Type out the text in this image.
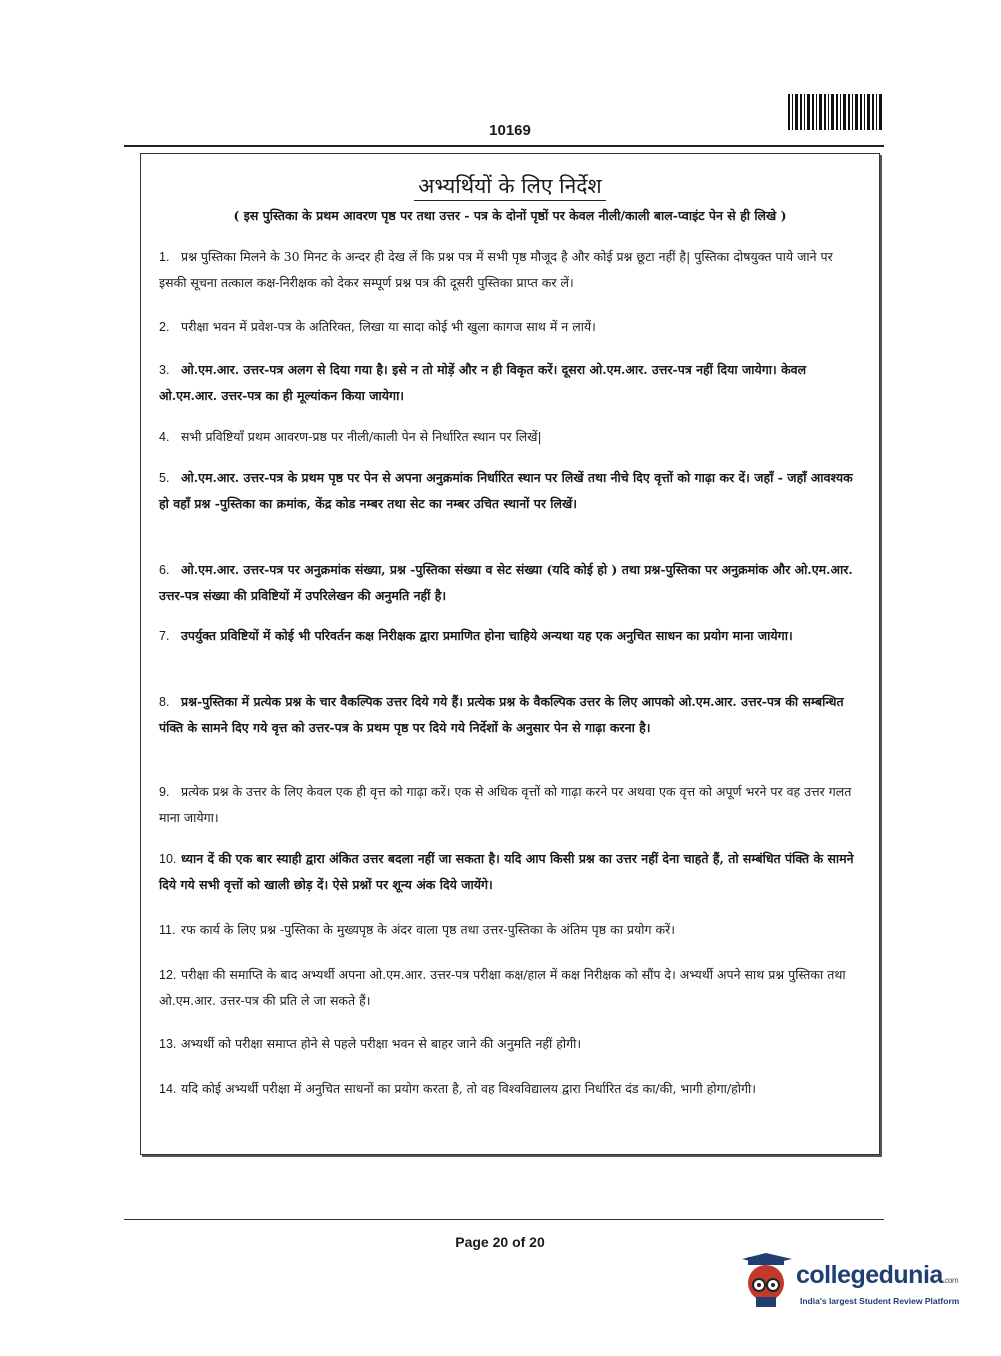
10169
अभ्यर्थियों के लिए निर्देश
( इस पुस्तिका के प्रथम आवरण पृष्ठ पर तथा उत्तर - पत्र के दोनों पृष्ठों पर केवल नीली/काली बाल-प्वाइंट पेन से ही लिखे )
1. प्रश्न पुस्तिका मिलने के 30 मिनट के अन्दर ही देख लें कि प्रश्न पत्र में सभी पृष्ठ मौजूद है और कोई प्रश्न छूटा नहीं है| पुस्तिका दोषयुक्त पाये जाने पर इसकी सूचना तत्काल कक्ष-निरीक्षक को देकर सम्पूर्ण प्रश्न पत्र की दूसरी पुस्तिका प्राप्त कर लें।
2. परीक्षा भवन में प्रवेश-पत्र के अतिरिक्त, लिखा या सादा कोई भी खुला कागज साथ में न लायें।
3. ओ.एम.आर. उत्तर-पत्र अलग से दिया गया है। इसे न तो मोड़ें और न ही विकृत करें। दूसरा ओ.एम.आर. उत्तर-पत्र नहीं दिया जायेगा। केवल ओ.एम.आर. उत्तर-पत्र का ही मूल्यांकन किया जायेगा।
4. सभी प्रविष्टियाँ प्रथम आवरण-प्रष्ठ पर नीली/काली पेन से निर्धारित स्थान पर लिखें|
5. ओ.एम.आर. उत्तर-पत्र के प्रथम पृष्ठ पर पेन से अपना अनुक्रमांक निर्धारित स्थान पर लिखें तथा नीचे दिए वृत्तों को गाढ़ा कर दें। जहाँ - जहाँ आवश्यक हो वहाँ प्रश्न -पुस्तिका का क्रमांक, केंद्र कोड नम्बर तथा सेट का नम्बर उचित स्थानों पर लिखें।
6. ओ.एम.आर. उत्तर-पत्र पर अनुक्रमांक संख्या, प्रश्न -पुस्तिका संख्या व सेट संख्या (यदि कोई हो ) तथा प्रश्न-पुस्तिका पर अनुक्रमांक और ओ.एम.आर. उत्तर-पत्र संख्या की प्रविष्टियों में उपरिलेखन की अनुमति नहीं है।
7. उपर्युक्त प्रविष्टियों में कोई भी परिवर्तन कक्ष निरीक्षक द्वारा प्रमाणित होना चाहिये अन्यथा यह एक अनुचित साधन का प्रयोग माना जायेगा।
8. प्रश्न-पुस्तिका में प्रत्येक प्रश्न के चार वैकल्पिक उत्तर दिये गये हैं। प्रत्येक प्रश्न के वैकल्पिक उत्तर के लिए आपको ओ.एम.आर. उत्तर-पत्र की सम्बन्धित पंक्ति के सामने दिए गये वृत्त को उत्तर-पत्र के प्रथम पृष्ठ पर दिये गये निर्देशों के अनुसार पेन से गाढ़ा करना है।
9. प्रत्येक प्रश्न के उत्तर के लिए केवल एक ही वृत्त को गाढ़ा करें। एक से अधिक वृत्तों को गाढ़ा करने पर अथवा एक वृत्त को अपूर्ण भरने पर वह उत्तर गलत माना जायेगा।
10. ध्यान दें की एक बार स्याही द्वारा अंकित उत्तर बदला नहीं जा सकता है। यदि आप किसी प्रश्न का उत्तर नहीं देना चाहते हैं, तो सम्बंधित पंक्ति के सामने दिये गये सभी वृत्तों को खाली छोड़ दें। ऐसे प्रश्नों पर शून्य अंक दिये जायेंगे।
11. रफ कार्य के लिए प्रश्न -पुस्तिका के मुख्यपृष्ठ के अंदर वाला पृष्ठ तथा उत्तर-पुस्तिका के अंतिम पृष्ठ का प्रयोग करें।
12. परीक्षा की समाप्ति के बाद अभ्यर्थी अपना ओ.एम.आर. उत्तर-पत्र परीक्षा कक्ष/हाल में कक्ष निरीक्षक को सौंप दे। अभ्यर्थी अपने साथ प्रश्न पुस्तिका तथा ओ.एम.आर. उत्तर-पत्र की प्रति ले जा सकते हैं।
13. अभ्यर्थी को परीक्षा समाप्त होने से पहले परीक्षा भवन से बाहर जाने की अनुमति नहीं होगी।
14. यदि कोई अभ्यर्थी परीक्षा में अनुचित साधनों का प्रयोग करता है, तो वह विश्वविद्यालय द्वारा निर्धारित दंड का/की, भागी होगा/होगी।
Page 20 of 20
collegedunia.com
India's largest Student Review Platform
